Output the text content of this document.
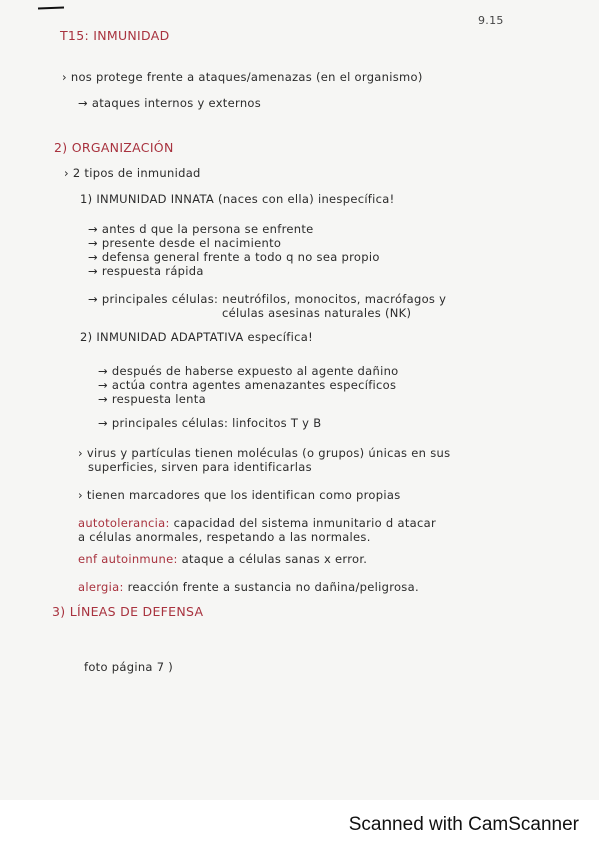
9.15
T15: INMUNIDAD
› nos protege frente a ataques/amenazas (en el organismo)
→ ataques internos y externos
2) ORGANIZACIÓN
› 2 tipos de inmunidad
1) INMUNIDAD INNATA (naces con ella) inespecífica!
→ antes d que la persona se enfrente
→ presente desde el nacimiento
→ defensa general frente a todo q no sea propio
→ respuesta rápida
→ principales células: neutrófilos, monocitos, macrófagos y
células asesinas naturales (NK)
2) INMUNIDAD ADAPTATIVA específica!
→ después de haberse expuesto al agente dañino
→ actúa contra agentes amenazantes específicos
→ respuesta lenta
→ principales células: linfocitos T y B
› virus y partículas tienen moléculas (o grupos) únicas en sus
superficies, sirven para identificarlas
› tienen marcadores que los identifican como propias
autotolerancia: capacidad del sistema inmunitario d atacar
a células anormales, respetando a las normales.
enf autoinmune: ataque a células sanas x error.
alergia: reacción frente a sustancia no dañina/peligrosa.
3) LÍNEAS DE DEFENSA
foto página 7 )
Scanned with CamScanner
